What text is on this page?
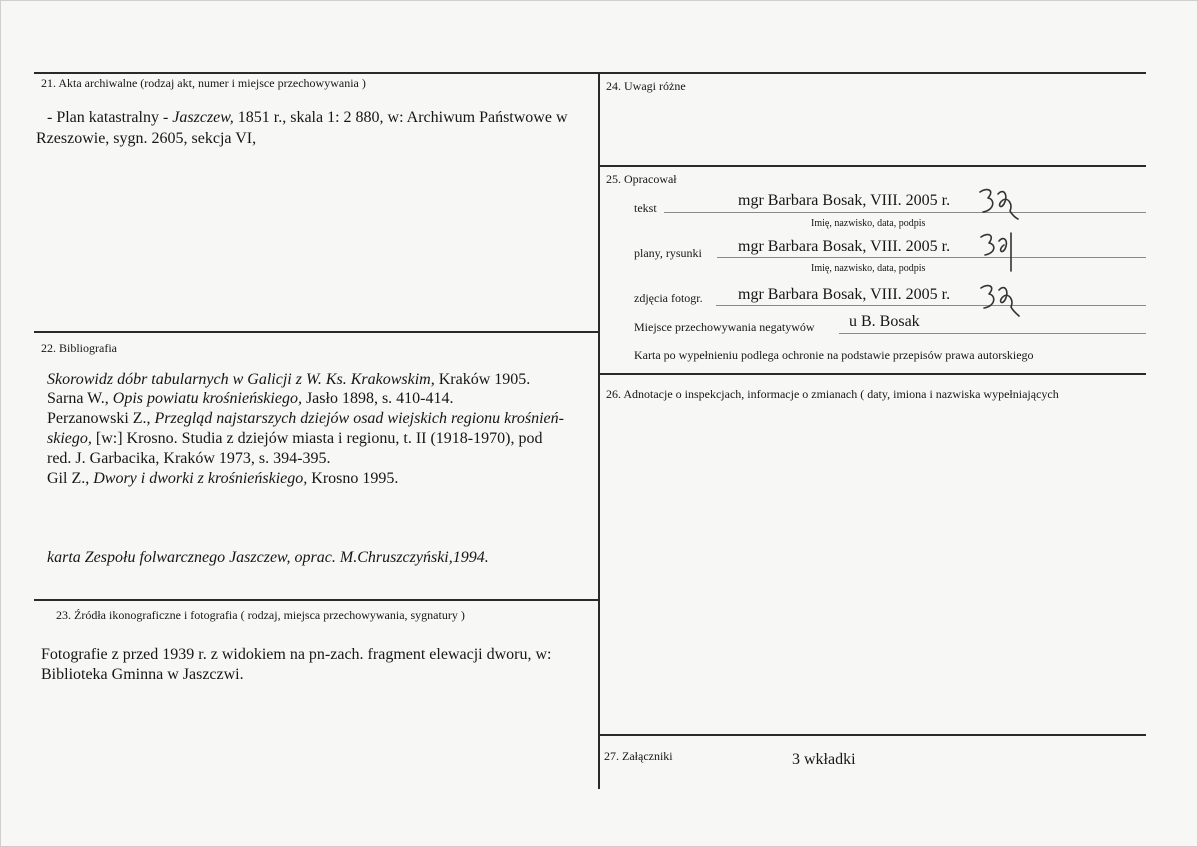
21. Akta archiwalne (rodzaj akt, numer i miejsce przechowywania )
- Plan katastralny - Jaszczew, 1851 r., skala 1: 2 880, w: Archiwum Państwowe w
Rzeszowie, sygn. 2605, sekcja VI,
22. Bibliografia
Skorowidz dóbr tabularnych w Galicji z W. Ks. Krakowskim, Kraków 1905.
Sarna W., Opis powiatu krośnieńskiego, Jasło 1898, s. 410-414.
Perzanowski Z., Przegląd najstarszych dziejów osad wiejskich regionu krośnień-
skiego, [w:] Krosno. Studia z dziejów miasta i regionu, t. II (1918-1970), pod
red. J. Garbacika, Kraków 1973, s. 394-395.
Gil Z., Dwory i dworki z krośnieńskiego, Krosno 1995.
karta Zespołu folwarcznego Jaszczew, oprac. M.Chruszczyński,1994.
23. Źródła ikonograficzne i fotografia ( rodzaj, miejsca przechowywania, sygnatury )
Fotografie z przed 1939 r. z widokiem na pn-zach. fragment elewacji dworu, w:
Biblioteka Gminna w Jaszczwi.
24. Uwagi różne
25. Opracował
tekst	mgr Barbara Bosak, VIII. 2005 r.
Imię, nazwisko, data, podpis
plany, rysunki mgr Barbara Bosak, VIII. 2005 r.
Imię, nazwisko, data, podpis
zdjęcia fotogr. mgr Barbara Bosak, VIII. 2005 r.
Miejsce przechowywania negatywów u B. Bosak
Karta po wypełnieniu podlega ochronie na podstawie przepisów prawa autorskiego
26. Adnotacje o inspekcjach, informacje o zmianach ( daty, imiona i nazwiska wypełniających
27. Załączniki	3 wkładki
